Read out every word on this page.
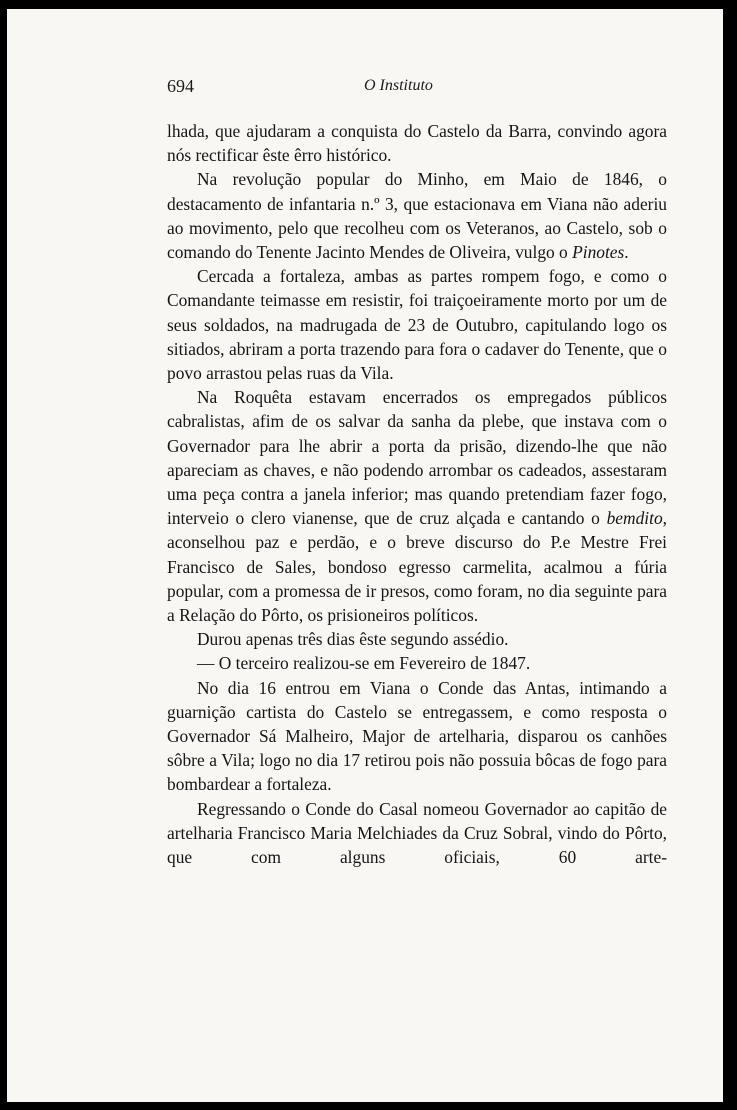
694	O Instituto

lhada, que ajudaram a conquista do Castelo da Barra, convindo agora nós rectificar êste êrro histórico.

Na revolução popular do Minho, em Maio de 1846, o destacamento de infantaria n.º 3, que estacionava em Viana não aderiu ao movimento, pelo que recolheu com os Veteranos, ao Castelo, sob o comando do Tenente Jacinto Mendes de Oliveira, vulgo o Pinotes.

Cercada a fortaleza, ambas as partes rompem fogo, e como o Comandante teimasse em resistir, foi traiçoeiramente morto por um de seus soldados, na madrugada de 23 de Outubro, capitulando logo os sitiados, abriram a porta trazendo para fora o cadaver do Tenente, que o povo arrastou pelas ruas da Vila.

Na Roquêta estavam encerrados os empregados públicos cabralistas, afim de os salvar da sanha da plebe, que instava com o Governador para lhe abrir a porta da prisão, dizendo-lhe que não apareciam as chaves, e não podendo arrombar os cadeados, assestaram uma peça contra a janela inferior; mas quando pretendiam fazer fogo, interveio o clero vianense, que de cruz alçada e cantando o bemdito, aconselhou paz e perdão, e o breve discurso do P.e Mestre Frei Francisco de Sales, bondoso egresso carmelita, acalmou a fúria popular, com a promessa de ir presos, como foram, no dia seguinte para a Relação do Pôrto, os prisioneiros políticos.

Durou apenas três dias êste segundo assédio.

— O terceiro realizou-se em Fevereiro de 1847.

No dia 16 entrou em Viana o Conde das Antas, intimando a guarnição cartista do Castelo se entregassem, e como resposta o Governador Sá Malheiro, Major de artelharia, disparou os canhões sôbre a Vila; logo no dia 17 retirou pois não possuia bôcas de fogo para bombardear a fortaleza.

Regressando o Conde do Casal nomeou Governador ao capitão de artelharia Francisco Maria Melchiades da Cruz Sobral, vindo do Pôrto, que com alguns oficiais, 60 arte-
